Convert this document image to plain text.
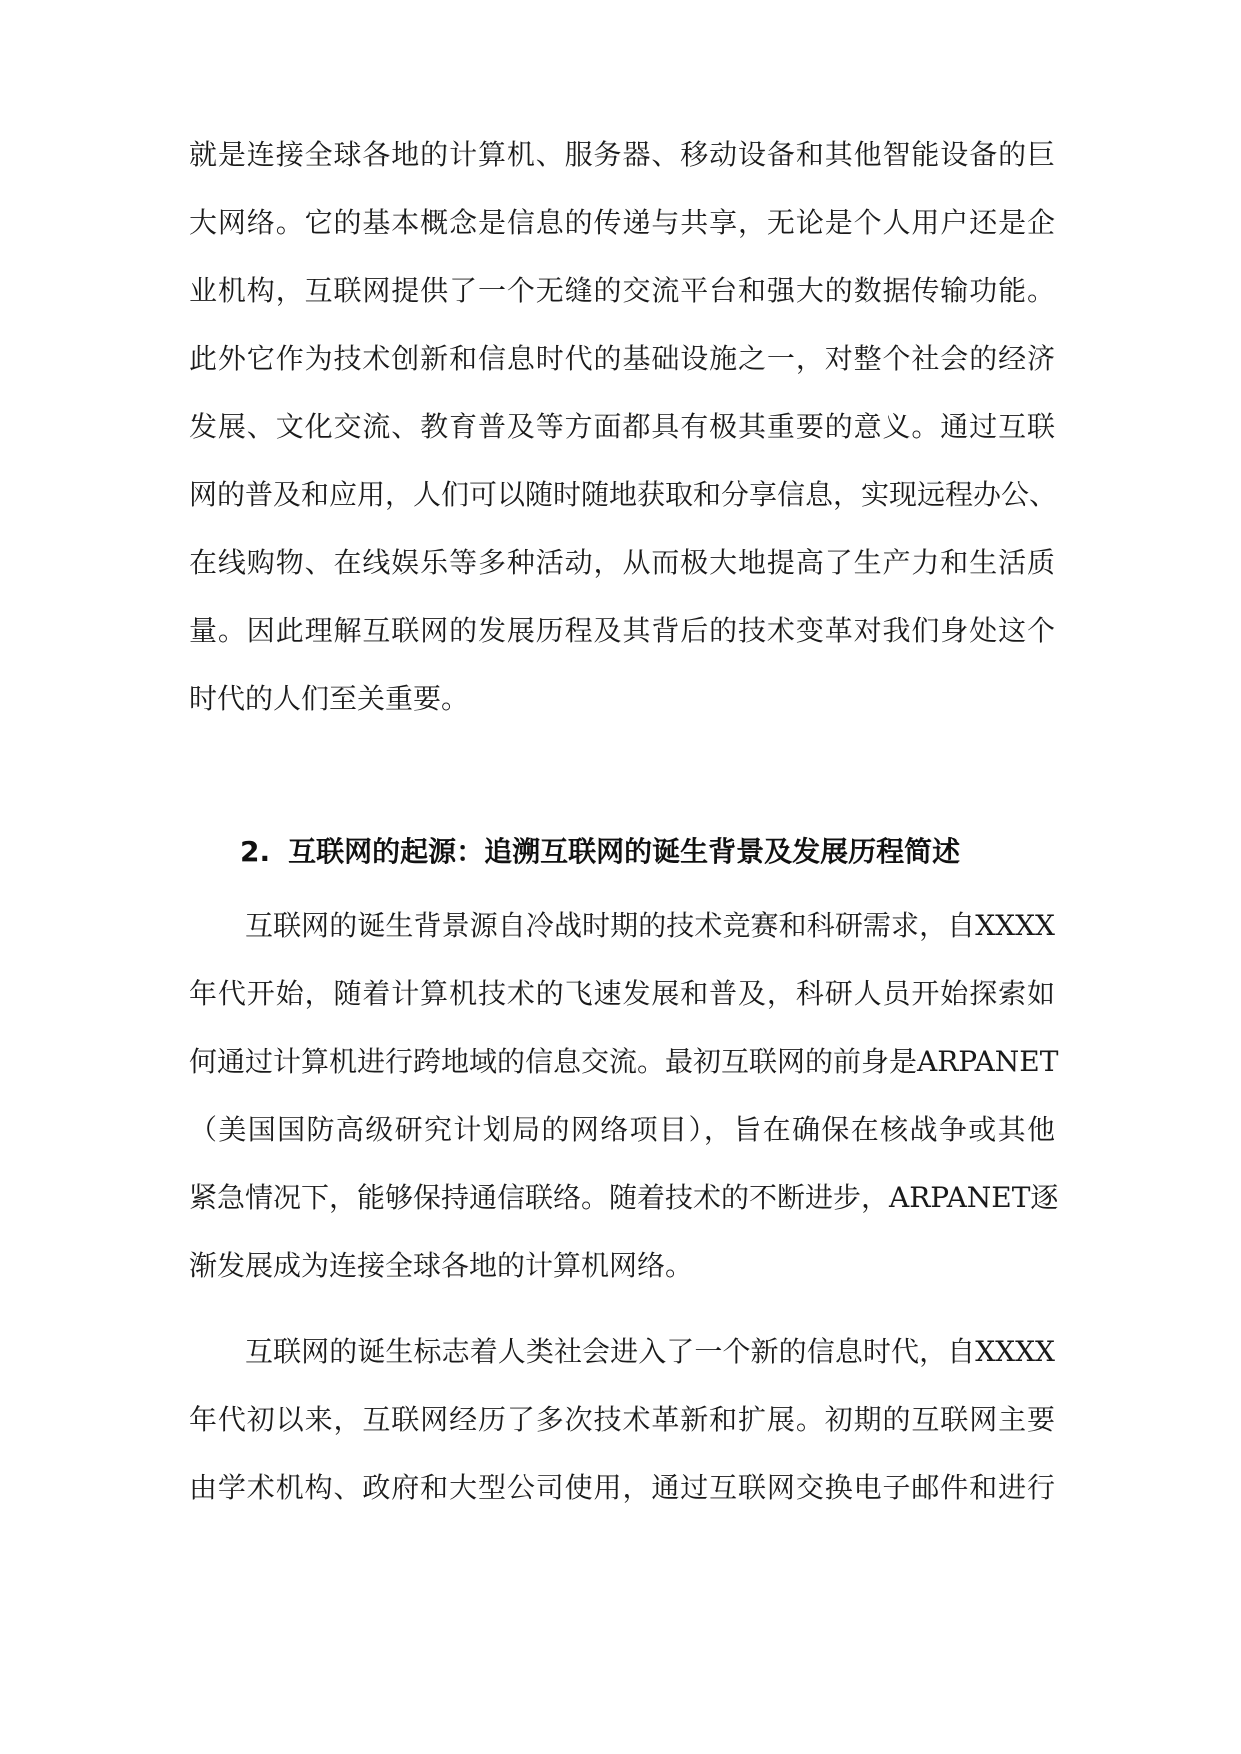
就是连接全球各地的计算机、服务器、移动设备和其他智能设备的巨
大网络。它的基本概念是信息的传递与共享，无论是个人用户还是企
业机构，互联网提供了一个无缝的交流平台和强大的数据传输功能。
此外它作为技术创新和信息时代的基础设施之一，对整个社会的经济
发展、文化交流、教育普及等方面都具有极其重要的意义。通过互联
网的普及和应用，人们可以随时随地获取和分享信息，实现远程办公、
在线购物、在线娱乐等多种活动，从而极大地提高了生产力和生活质
量。因此理解互联网的发展历程及其背后的技术变革对我们身处这个
时代的人们至关重要。
2. 互联网的起源：追溯互联网的诞生背景及发展历程简述
互联网的诞生背景源自冷战时期的技术竞赛和科研需求，自XXXX
年代开始，随着计算机技术的飞速发展和普及，科研人员开始探索如
何通过计算机进行跨地域的信息交流。最初互联网的前身是ARPANET
（美国国防高级研究计划局的网络项目），旨在确保在核战争或其他
紧急情况下，能够保持通信联络。随着技术的不断进步，ARPANET逐
渐发展成为连接全球各地的计算机网络。
互联网的诞生标志着人类社会进入了一个新的信息时代，自XXXX
年代初以来，互联网经历了多次技术革新和扩展。初期的互联网主要
由学术机构、政府和大型公司使用，通过互联网交换电子邮件和进行
